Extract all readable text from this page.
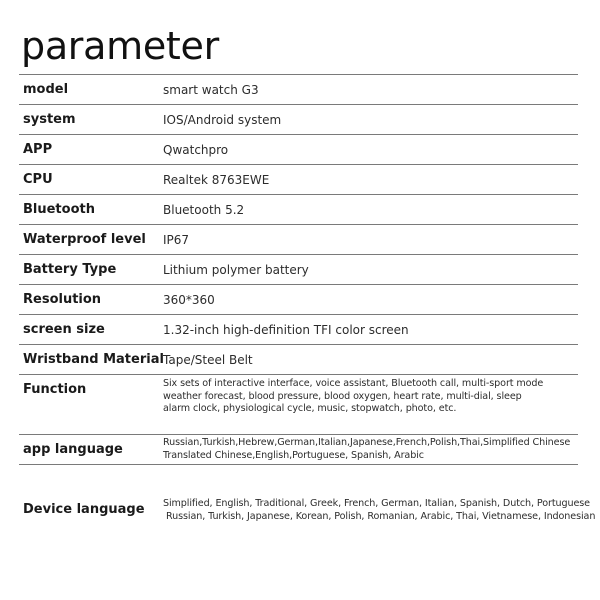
parameter
model	smart watch G3
system	IOS/Android system
APP	Qwatchpro
CPU	Realtek 8763EWE
Bluetooth	Bluetooth 5.2
Waterproof level IP67
Battery Type	Lithium polymer battery
Resolution	360*360
screen size	1.32-inch high-definition TFI color screen
Wristband Material Tape/Steel Belt
Function	Six sets of interactive interface, voice assistant, Bluetooth call, multi-sport mode
weather forecast, blood pressure, blood oxygen, heart rate, multi-dial, sleep
alarm clock, physiological cycle, music, stopwatch, photo, etc.
app language	Russian,Turkish,Hebrew,German,Italian,Japanese,French,Polish,Thai,Simplified Chinese
Translated Chinese,English,Portuguese, Spanish, Arabic
Device language Simplified, English, Traditional, Greek, French, German, Italian, Spanish, Dutch, Portuguese
Russian, Turkish, Japanese, Korean, Polish, Romanian, Arabic, Thai, Vietnamese, Indonesian
